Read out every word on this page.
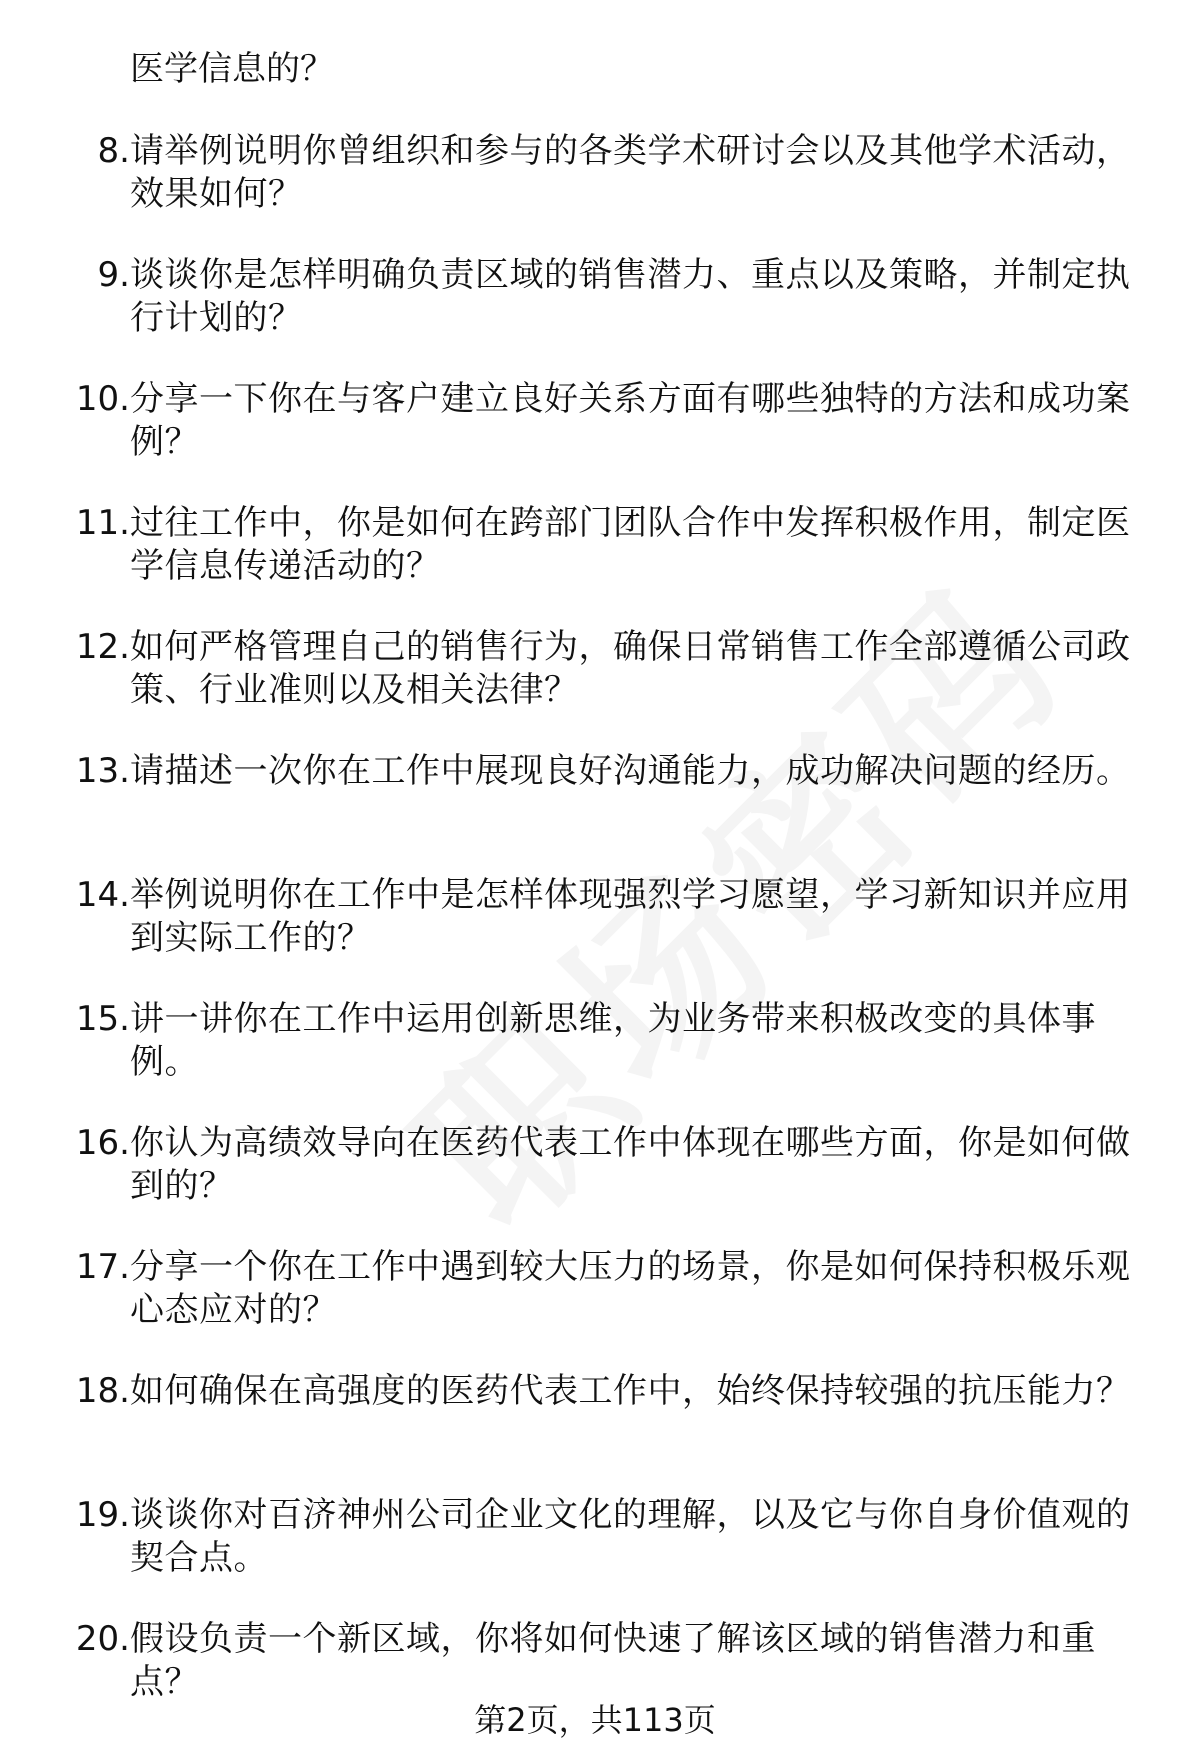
医学信息的？
8. 请举例说明你曾组织和参与的各类学术研讨会以及其他学术活动，效果如何？
9. 谈谈你是怎样明确负责区域的销售潜力、重点以及策略，并制定执行计划的？
10. 分享一下你在与客户建立良好关系方面有哪些独特的方法和成功案例？
11. 过往工作中，你是如何在跨部门团队合作中发挥积极作用，制定医学信息传递活动的？
12. 如何严格管理自己的销售行为，确保日常销售工作全部遵循公司政策、行业准则以及相关法律？
13. 请描述一次你在工作中展现良好沟通能力，成功解决问题的经历。
14. 举例说明你在工作中是怎样体现强烈学习愿望，学习新知识并应用到实际工作的？
15. 讲一讲你在工作中运用创新思维，为业务带来积极改变的具体事例。
16. 你认为高绩效导向在医药代表工作中体现在哪些方面，你是如何做到的？
17. 分享一个你在工作中遇到较大压力的场景，你是如何保持积极乐观心态应对的？
18. 如何确保在高强度的医药代表工作中，始终保持较强的抗压能力？
19. 谈谈你对百济神州公司企业文化的理解，以及它与你自身价值观的契合点。
20. 假设负责一个新区域，你将如何快速了解该区域的销售潜力和重点？
第2页，共113页
